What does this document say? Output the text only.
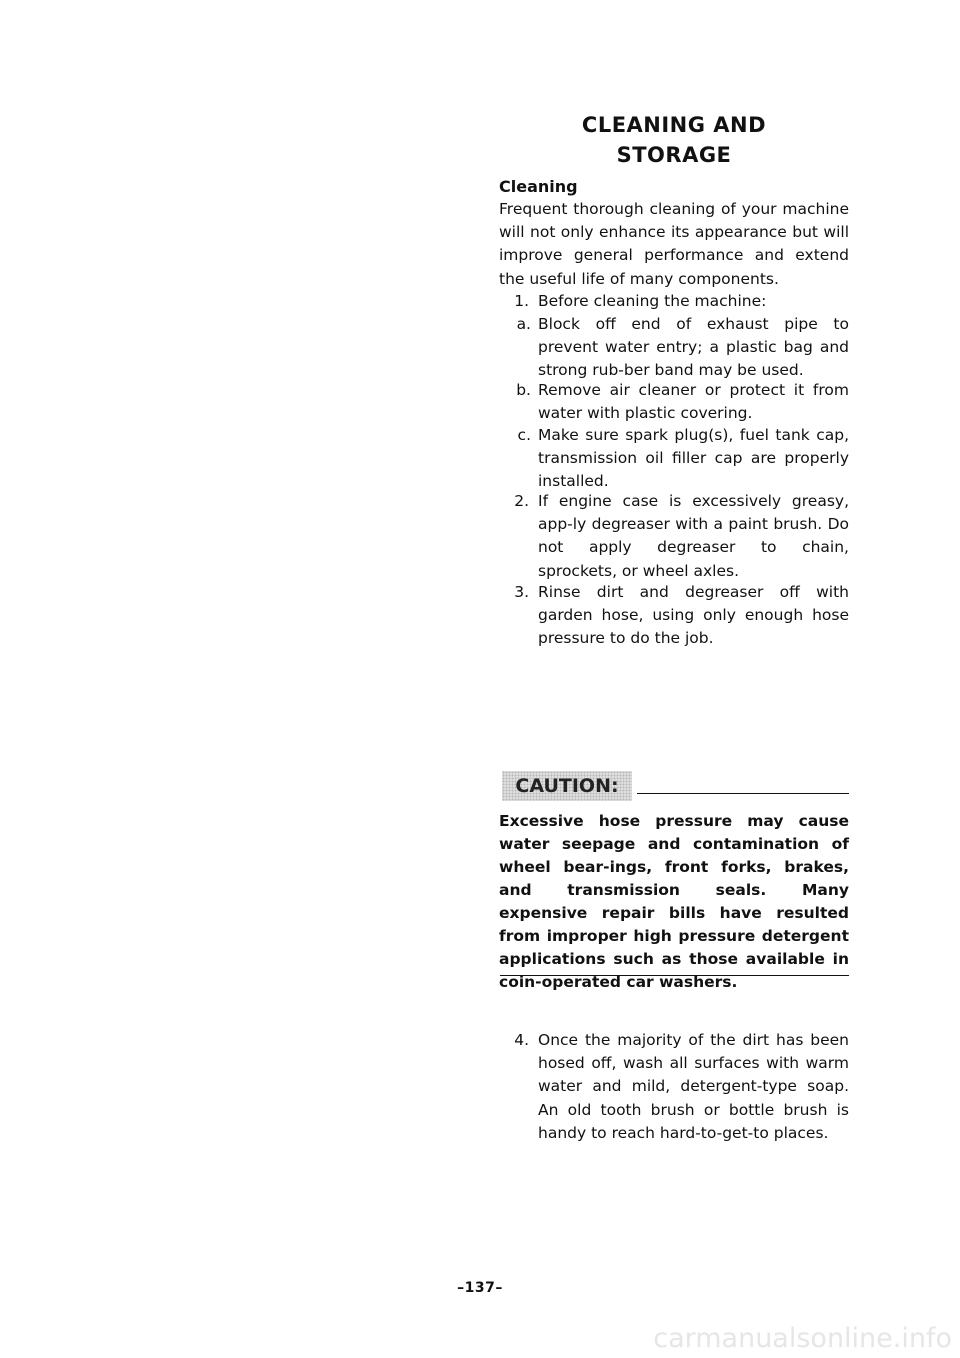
CLEANING AND
STORAGE
Cleaning
Frequent thorough cleaning of your machine will not only enhance its appearance but will improve general performance and extend the useful life of many components.
1. Before cleaning the machine:
a. Block off end of exhaust pipe to prevent water entry; a plastic bag and strong rub-ber band may be used.
b. Remove air cleaner or protect it from water with plastic covering.
c. Make sure spark plug(s), fuel tank cap, transmission oil filler cap are properly installed.
2. If engine case is excessively greasy, app-ly degreaser with a paint brush. Do not apply degreaser to chain, sprockets, or wheel axles.
3. Rinse dirt and degreaser off with garden hose, using only enough hose pressure to do the job.
CAUTION:
Excessive hose pressure may cause water seepage and contamination of wheel bear-ings, front forks, brakes, and transmission seals. Many expensive repair bills have resulted from improper high pressure detergent applications such as those available in coin-operated car washers.
4. Once the majority of the dirt has been hosed off, wash all surfaces with warm water and mild, detergent-type soap. An old tooth brush or bottle brush is handy to reach hard-to-get-to places.
–137–
carmanualsonline.info
